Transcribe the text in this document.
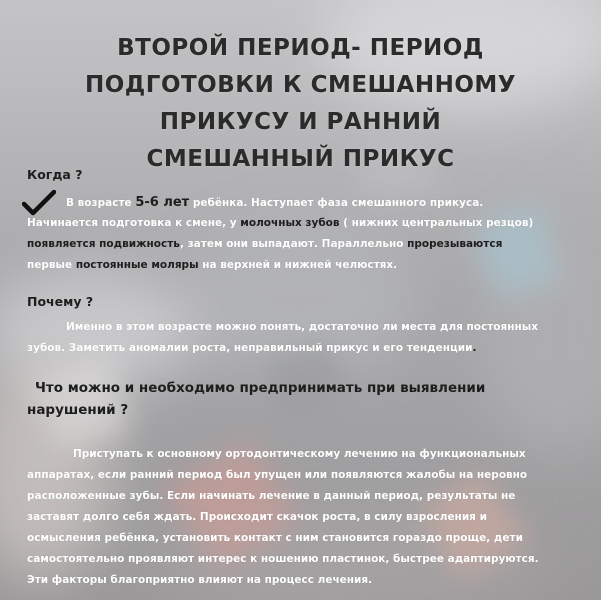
ВТОРОЙ ПЕРИОД- ПЕРИОД
ПОДГОТОВКИ К СМЕШАННОМУ
ПРИКУСУ И РАННИЙ
СМЕШАННЫЙ ПРИКУС

Когда ?

В возрасте 5-6 лет ребёнка. Наступает фаза смешанного прикуса.

Начинается подготовка к смене, у молочных зубов ( нижних центральных резцов)

появляется подвижность, затем они выпадают. Параллельно прорезываются

первые постоянные моляры на верхней и нижней челюстях.

Почему ?

Именно в этом возрасте можно понять, достаточно ли места для постоянных

зубов. Заметить аномалии роста, неправильный прикус и его тенденции.

Что можно и необходимо предпринимать при выявлении

нарушений ?

Приступать к основному ортодонтическому лечению на функциональных

аппаратах, если ранний период был упущен или появляются жалобы на неровно

расположенные зубы. Если начинать лечение в данный период, результаты не

заставят долго себя ждать. Происходит скачок роста, в силу взросления и

осмысления ребёнка, установить контакт с ним становится гораздо проще, дети

самостоятельно проявляют интерес к ношению пластинок, быстрее адаптируются.

Эти факторы благоприятно влияют на процесс лечения.
